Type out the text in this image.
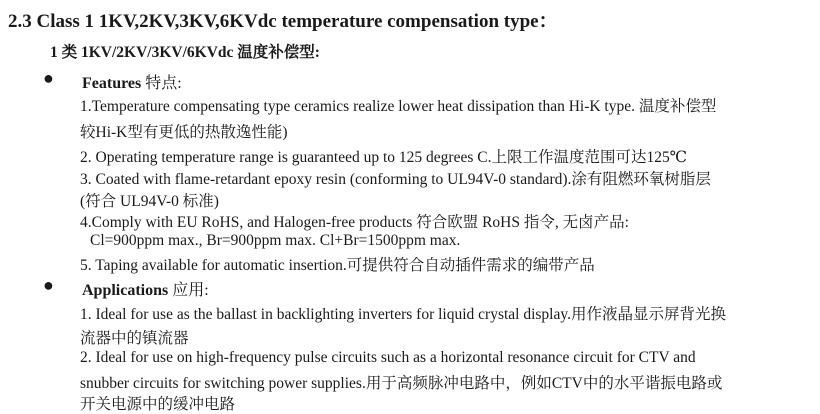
2.3 Class 1 1KV,2KV,3KV,6KVdc temperature compensation type：
1 类 1KV/2KV/3KV/6KVdc 温度补偿型:
● Features 特点:
1.Temperature compensating type ceramics realize lower heat dissipation than Hi-K type. 温度补偿型
较Hi-K型有更低的热散逸性能)
2. Operating temperature range is guaranteed up to 125 degrees C.上限工作温度范围可达125℃
3. Coated with flame-retardant epoxy resin (conforming to UL94V-0 standard).涂有阻燃环氧树脂层
(符合 UL94V-0 标准)
4.Comply with EU RoHS, and Halogen-free products 符合欧盟 RoHS 指令, 无卤产品:
Cl=900ppm max., Br=900ppm max. Cl+Br=1500ppm max.
5. Taping available for automatic insertion.可提供符合自动插件需求的编带产品
● Applications 应用:
1. Ideal for use as the ballast in backlighting inverters for liquid crystal display.用作液晶显示屏背光换
流器中的镇流器
2. Ideal for use on high-frequency pulse circuits such as a horizontal resonance circuit for CTV and
snubber circuits for switching power supplies.用于高频脉冲电路中，例如CTV中的水平谐振电路或
开关电源中的缓冲电路
